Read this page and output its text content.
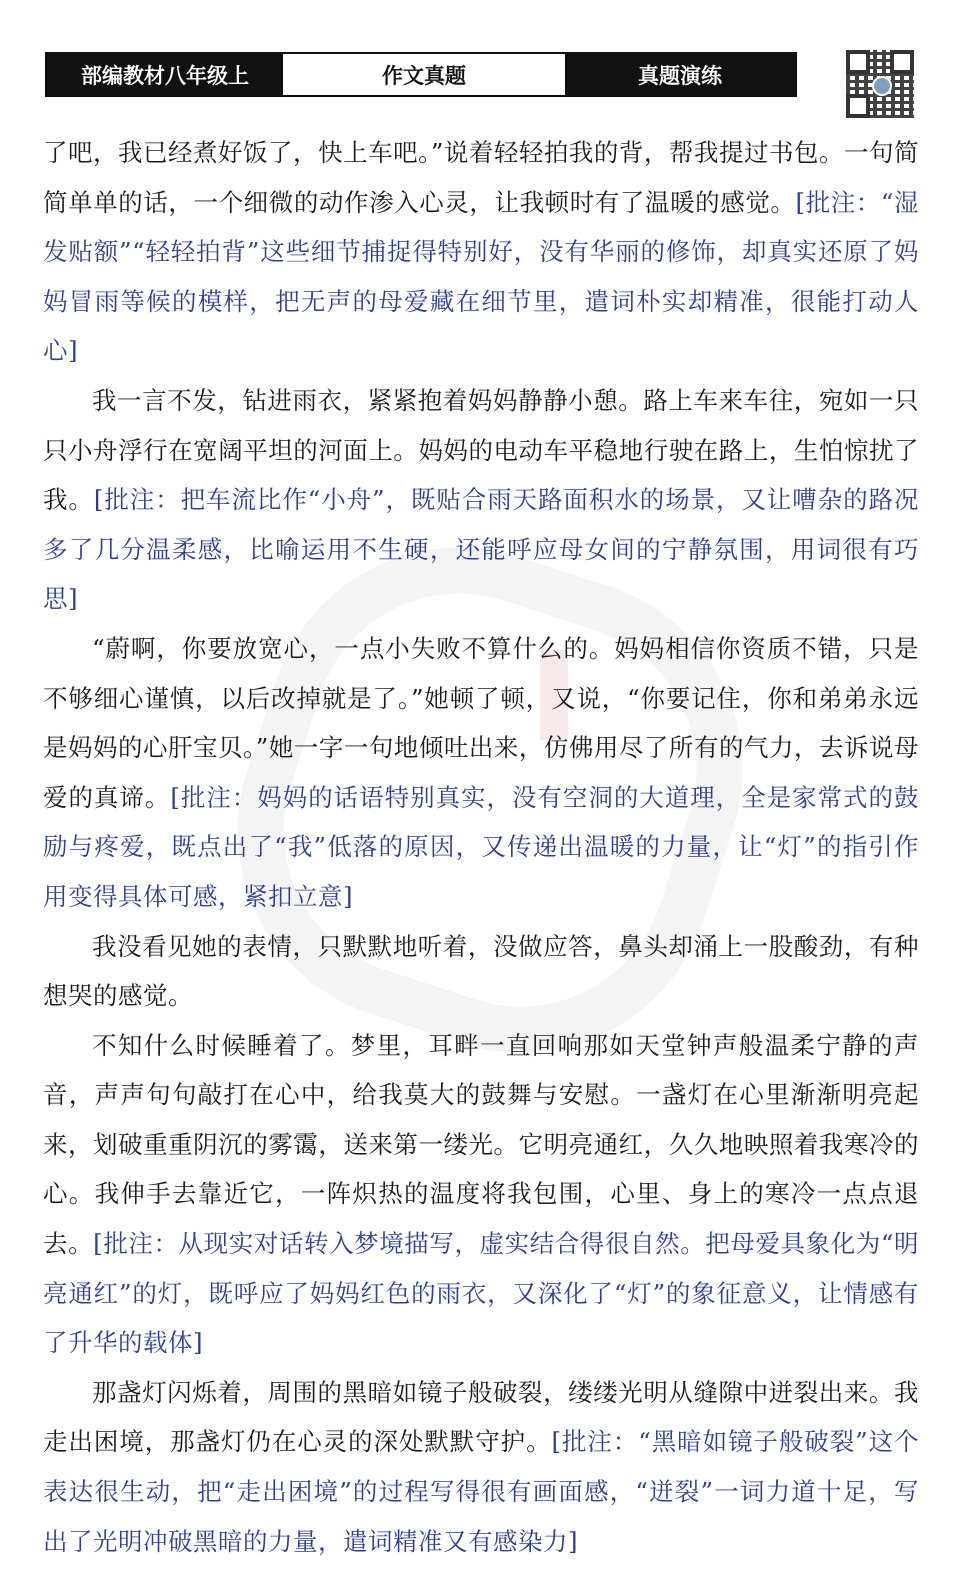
部编教材八年级上	作文真题	真题演练

了吧，我已经煮好饭了，快上车吧。”说着轻轻拍我的背，帮我提过书包。一句简简单单的话，一个细微的动作渗入心灵，让我顿时有了温暖的感觉。[批注：“湿发贴额”“轻轻拍背”这些细节捕捉得特别好，没有华丽的修饰，却真实还原了妈妈冒雨等候的模样，把无声的母爱藏在细节里，遣词朴实却精准，很能打动人心]

我一言不发，钻进雨衣，紧紧抱着妈妈静静小憩。路上车来车往，宛如一只只小舟浮行在宽阔平坦的河面上。妈妈的电动车平稳地行驶在路上，生怕惊扰了我。[批注：把车流比作“小舟”，既贴合雨天路面积水的场景，又让嘈杂的路况多了几分温柔感，比喻运用不生硬，还能呼应母女间的宁静氛围，用词很有巧思]

“蔚啊，你要放宽心，一点小失败不算什么的。妈妈相信你资质不错，只是不够细心谨慎，以后改掉就是了。”她顿了顿，又说，“你要记住，你和弟弟永远是妈妈的心肝宝贝。”她一字一句地倾吐出来，仿佛用尽了所有的气力，去诉说母爱的真谛。[批注：妈妈的话语特别真实，没有空洞的大道理，全是家常式的鼓励与疼爱，既点出了“我”低落的原因，又传递出温暖的力量，让“灯”的指引作用变得具体可感，紧扣立意]

我没看见她的表情，只默默地听着，没做应答，鼻头却涌上一股酸劲，有种想哭的感觉。

不知什么时候睡着了。梦里，耳畔一直回响那如天堂钟声般温柔宁静的声音，声声句句敲打在心中，给我莫大的鼓舞与安慰。一盏灯在心里渐渐明亮起来，划破重重阴沉的雾霭，送来第一缕光。它明亮通红，久久地映照着我寒冷的心。我伸手去靠近它，一阵炽热的温度将我包围，心里、身上的寒冷一点点退去。[批注：从现实对话转入梦境描写，虚实结合得很自然。把母爱具象化为“明亮通红”的灯，既呼应了妈妈红色的雨衣，又深化了“灯”的象征意义，让情感有了升华的载体]

那盏灯闪烁着，周围的黑暗如镜子般破裂，缕缕光明从缝隙中迸裂出来。我走出困境，那盏灯仍在心灵的深处默默守护。[批注：“黑暗如镜子般破裂”这个表达很生动，把“走出困境”的过程写得很有画面感，“迸裂”一词力道十足，写出了光明冲破黑暗的力量，遣词精准又有感染力]
